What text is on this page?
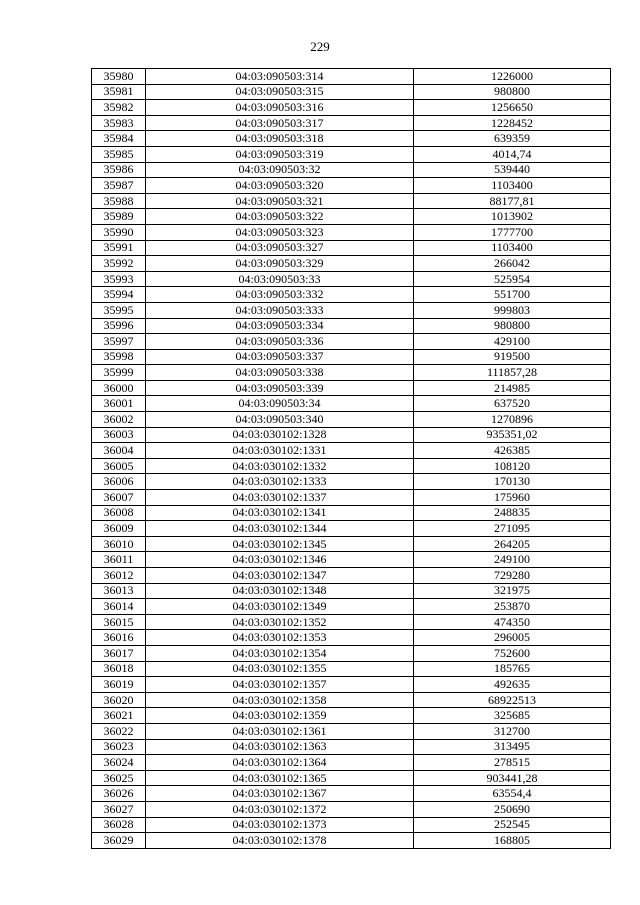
229
35980	04:03:090503:314	1226000
35981	04:03:090503:315	980800
35982	04:03:090503:316	1256650
35983	04:03:090503:317	1228452
35984	04:03:090503:318	639359
35985	04:03:090503:319	4014,74
35986	04:03:090503:32	539440
35987	04:03:090503:320	1103400
35988	04:03:090503:321	88177,81
35989	04:03:090503:322	1013902
35990	04:03:090503:323	1777700
35991	04:03:090503:327	1103400
35992	04:03:090503:329	266042
35993	04:03:090503:33	525954
35994	04:03:090503:332	551700
35995	04:03:090503:333	999803
35996	04:03:090503:334	980800
35997	04:03:090503:336	429100
35998	04:03:090503:337	919500
35999	04:03:090503:338	111857,28
36000	04:03:090503:339	214985
36001	04:03:090503:34	637520
36002	04:03:090503:340	1270896
36003	04:03:030102:1328	935351,02
36004	04:03:030102:1331	426385
36005	04:03:030102:1332	108120
36006	04:03:030102:1333	170130
36007	04:03:030102:1337	175960
36008	04:03:030102:1341	248835
36009	04:03:030102:1344	271095
36010	04:03:030102:1345	264205
36011	04:03:030102:1346	249100
36012	04:03:030102:1347	729280
36013	04:03:030102:1348	321975
36014	04:03:030102:1349	253870
36015	04:03:030102:1352	474350
36016	04:03:030102:1353	296005
36017	04:03:030102:1354	752600
36018	04:03:030102:1355	185765
36019	04:03:030102:1357	492635
36020	04:03:030102:1358	68922513
36021	04:03:030102:1359	325685
36022	04:03:030102:1361	312700
36023	04:03:030102:1363	313495
36024	04:03:030102:1364	278515
36025	04:03:030102:1365	903441,28
36026	04:03:030102:1367	63554,4
36027	04:03:030102:1372	250690
36028	04:03:030102:1373	252545
36029	04:03:030102:1378	168805
